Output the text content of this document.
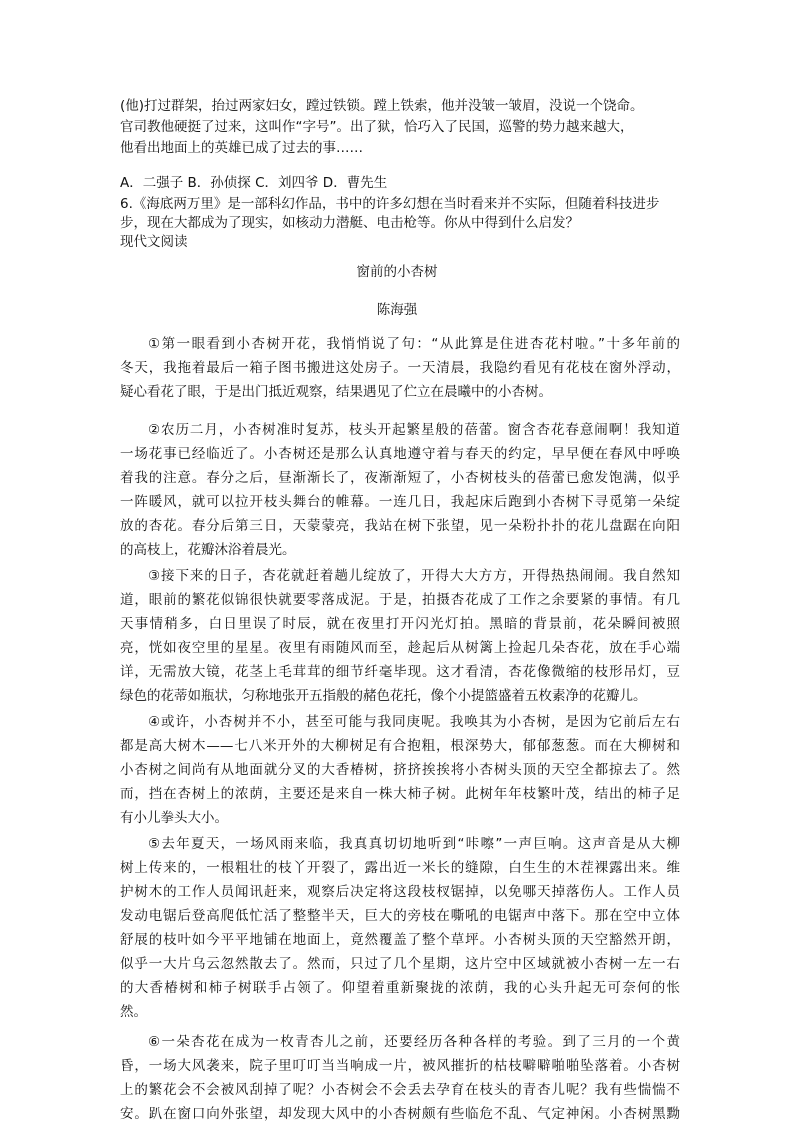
(他)打过群架，抬过两家妇女，蹚过铁锁。蹚上铁索，他并没皱一皱眉，没说一个饶命。
官司教他硬挺了过来，这叫作“字号”。出了狱，恰巧入了民国，巡警的势力越来越大，
他看出地面上的英雄已成了过去的事……
A．二强子 B．孙侦探 C．刘四爷 D．曹先生
6.《海底两万里》是一部科幻作品，书中的许多幻想在当时看来并不实际，但随着科技进步
步，现在大都成为了现实，如核动力潜艇、电击枪等。你从中得到什么启发？
现代文阅读
窗前的小杏树
陈海强
①第一眼看到小杏树开花，我悄悄说了句：“从此算是住进杏花村啦。”十多年前的
冬天，我拖着最后一箱子图书搬进这处房子。一天清晨，我隐约看见有花枝在窗外浮动，
疑心看花了眼，于是出门抵近观察，结果遇见了伫立在晨曦中的小杏树。
②农历二月，小杏树准时复苏，枝头开起繁星般的蓓蕾。窗含杏花春意闹啊！我知道
一场花事已经临近了。小杏树还是那么认真地遵守着与春天的约定，早早便在春风中呼唤
着我的注意。春分之后，昼渐渐长了，夜渐渐短了，小杏树枝头的蓓蕾已愈发饱满，似乎
一阵暖风，就可以拉开枝头舞台的帷幕。一连几日，我起床后跑到小杏树下寻觅第一朵绽
放的杏花。春分后第三日，天蒙蒙亮，我站在树下张望，见一朵粉扑扑的花儿盘踞在向阳
的高枝上，花瓣沐浴着晨光。
③接下来的日子，杏花就赶着趟儿绽放了，开得大大方方，开得热热闹闹。我自然知
道，眼前的繁花似锦很快就要零落成泥。于是，拍摄杏花成了工作之余要紧的事情。有几
天事情稍多，白日里误了时辰，就在夜里打开闪光灯拍。黑暗的背景前，花朵瞬间被照
亮，恍如夜空里的星星。夜里有雨随风而至，趁起后从树篱上捡起几朵杏花，放在手心端
详，无需放大镜，花茎上毛茸茸的细节纤毫毕现。这才看清，杏花像微缩的枝形吊灯，豆
绿色的花蒂如瓶状，匀称地张开五指般的赭色花托，像个小提篮盛着五枚素净的花瓣儿。
④或许，小杏树并不小，甚至可能与我同庚呢。我唤其为小杏树，是因为它前后左右
都是高大树木——七八米开外的大柳树足有合抱粗，根深势大，郁郁葱葱。而在大柳树和
小杏树之间尚有从地面就分叉的大香椿树，挤挤挨挨将小杏树头顶的天空全都掠去了。然
而，挡在杏树上的浓荫，主要还是来自一株大柿子树。此树年年枝繁叶茂，结出的柿子足
有小儿拳头大小。
⑤去年夏天，一场风雨来临，我真真切切地听到“咔嚓”一声巨响。这声音是从大柳
树上传来的，一根粗壮的枝丫开裂了，露出近一米长的缝隙，白生生的木茬裸露出来。维
护树木的工作人员闻讯赶来，观察后决定将这段枝杈锯掉，以免哪天掉落伤人。工作人员
发动电锯后登高爬低忙活了整整半天，巨大的旁枝在嘶吼的电锯声中落下。那在空中立体
舒展的枝叶如今平平地铺在地面上，竟然覆盖了整个草坪。小杏树头顶的天空豁然开朗，
似乎一大片乌云忽然散去了。然而，只过了几个星期，这片空中区域就被小杏树一左一右
的大香椿树和柿子树联手占领了。仰望着重新聚拢的浓荫，我的心头升起无可奈何的怅
然。
⑥一朵杏花在成为一枚青杏儿之前，还要经历各种各样的考验。到了三月的一个黄
昏，一场大风袭来，院子里叮叮当当响成一片，被风摧折的枯枝噼噼啪啪坠落着。小杏树
上的繁花会不会被风刮掉了呢？小杏树会不会丢去孕育在枝头的青杏儿呢？我有些惴惴不
安。趴在窗口向外张望，却发现大风中的小杏树颇有些临危不乱、气定神闲。小杏树黑黝
